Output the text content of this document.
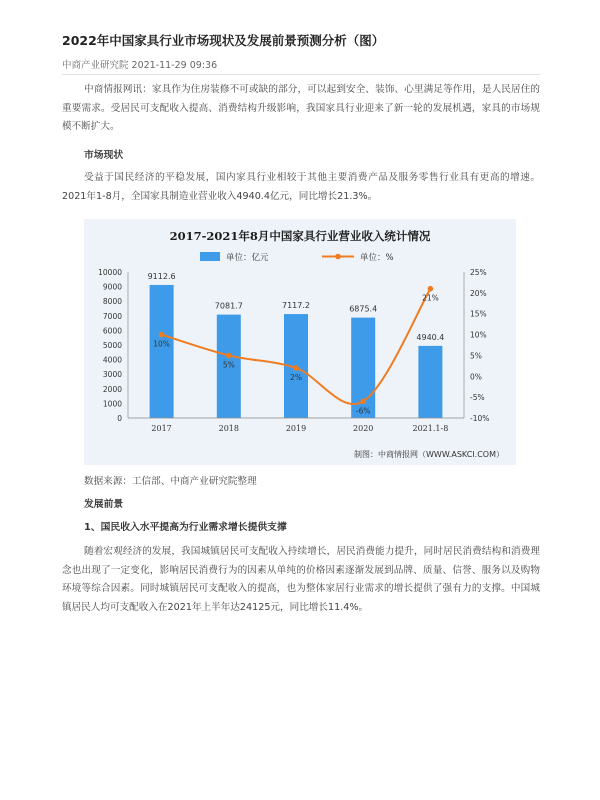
2022年中国家具行业市场现状及发展前景预测分析（图）
中商产业研究院 2021-11-29 09:36

中商情报网讯：家具作为住房装修不可或缺的部分，可以起到安全、装饰、心里满足等作用，是人民居住的重要需求。受居民可支配收入提高、消费结构升级影响，我国家具行业迎来了新一轮的发展机遇，家具的市场规模不断扩大。

市场现状

受益于国民经济的平稳发展，国内家具行业相较于其他主要消费产品及服务零售行业具有更高的增速。2021年1-8月，全国家具制造业营业收入4940.4亿元，同比增长21.3%。

2017-2021年8月中国家具行业营业收入统计情况
单位：亿元	单位：%
10000
9000
8000
7000
6000
5000
4000
3000
2000
1000
0
25%
20%
15%
10%
5%
0%
-5%
-10%
9112.6
7081.7	7117.2	6875.4
4940.4
10%
5%
2%
-6%
21%
2017	2018	2019	2020	2021.1-8
制图：中商情报网（WWW.ASKCI.COM）
数据来源：工信部、中商产业研究院整理
发展前景
1、国民收入水平提高为行业需求增长提供支撑

随着宏观经济的发展，我国城镇居民可支配收入持续增长，居民消费能力提升，同时居民消费结构和消费理念也出现了一定变化，影响居民消费行为的因素从单纯的价格因素逐渐发展到品牌、质量、信誉、服务以及购物环境等综合因素。同时城镇居民可支配收入的提高，也为整体家居行业需求的增长提供了强有力的支撑。中国城镇居民人均可支配收入在2021年上半年达24125元，同比增长11.4%。
